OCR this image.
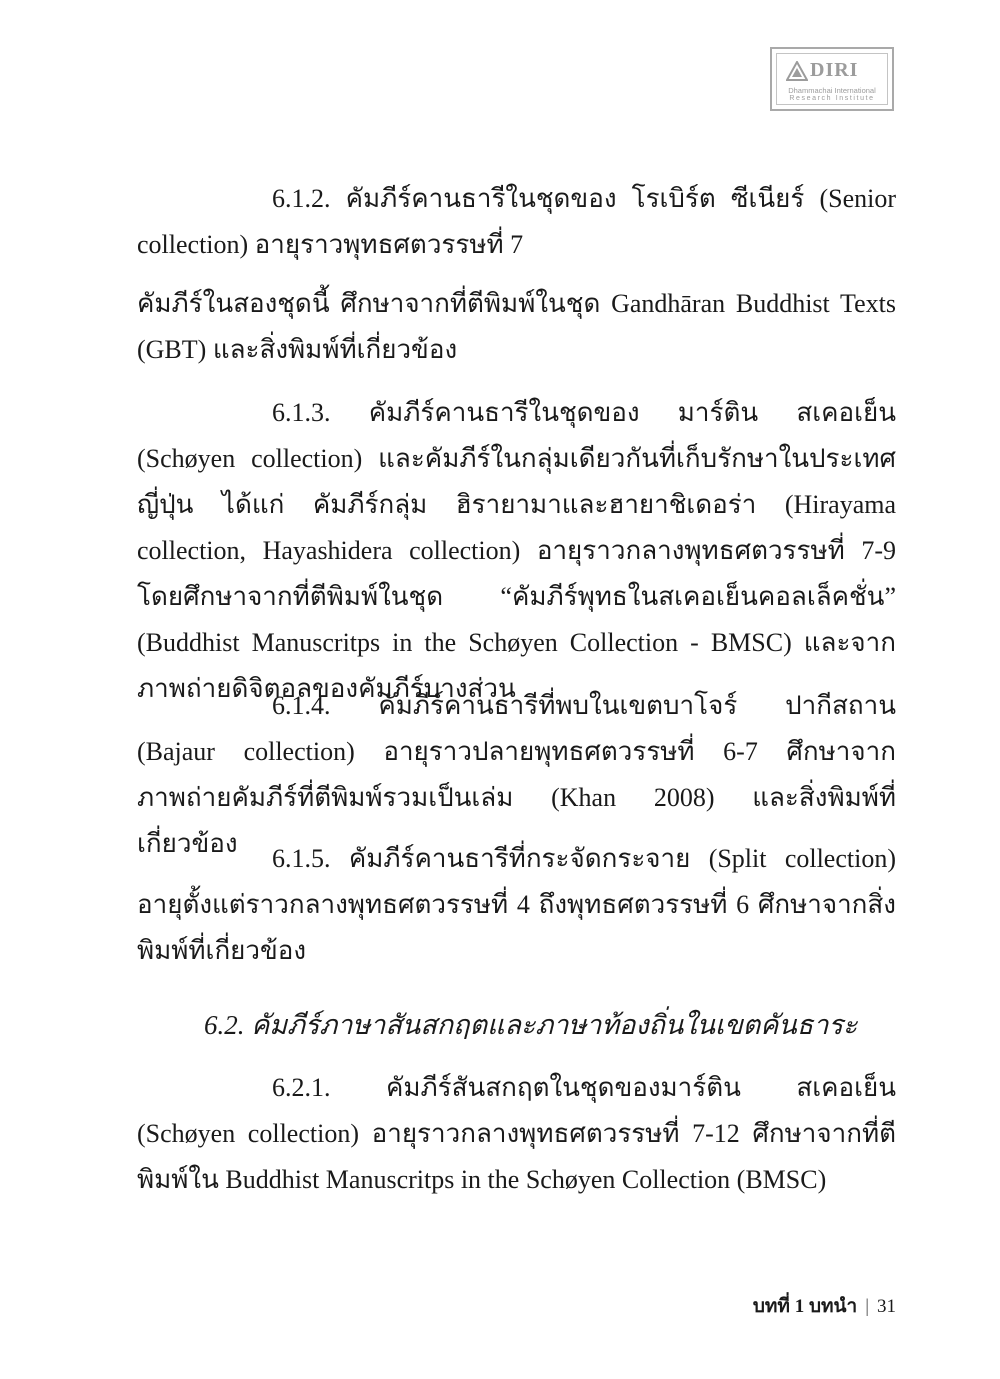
DIRI
Dhammachai International
Research Institute

6.1.2. คัมภีร์คานธารีในชุดของ โรเบิร์ต ซีเนียร์ (Senior collection) อายุราวพุทธศตวรรษที่ 7

คัมภีร์ในสองชุดนี้ ศึกษาจากที่ตีพิมพ์ในชุด Gandhāran Buddhist Texts (GBT) และสิ่งพิมพ์ที่เกี่ยวข้อง

6.1.3. คัมภีร์คานธารีในชุดของ มาร์ติน สเคอเย็น (Schøyen collection) และคัมภีร์ในกลุ่มเดียวกันที่เก็บรักษาในประเทศญี่ปุ่น ได้แก่ คัมภีร์กลุ่ม ฮิรายามาและฮายาชิเดอร่า (Hirayama collection, Hayashidera collection) อายุราวกลางพุทธศตวรรษที่ 7-9 โดยศึกษาจากที่ตีพิมพ์ในชุด “คัมภีร์พุทธในสเคอเย็นคอลเล็คชั่น” (Buddhist Manuscritps in the Schøyen Collection - BMSC) และจากภาพถ่ายดิจิตอลของคัมภีร์บางส่วน

6.1.4. คัมภีร์คานธารีที่พบในเขตบาโจร์ ปากีสถาน (Bajaur collection) อายุราวปลายพุทธศตวรรษที่ 6-7 ศึกษาจากภาพถ่ายคัมภีร์ที่ตีพิมพ์รวมเป็นเล่ม (Khan 2008) และสิ่งพิมพ์ที่เกี่ยวข้อง

6.1.5. คัมภีร์คานธารีที่กระจัดกระจาย (Split collection) อายุตั้งแต่ราวกลางพุทธศตวรรษที่ 4 ถึงพุทธศตวรรษที่ 6 ศึกษาจากสิ่งพิมพ์ที่เกี่ยวข้อง

6.2. คัมภีร์ภาษาสันสกฤตและภาษาท้องถิ่นในเขตคันธาระ

6.2.1. คัมภีร์สันสกฤตในชุดของมาร์ติน สเคอเย็น (Schøyen collection) อายุราวกลางพุทธศตวรรษที่ 7-12 ศึกษาจากที่ตีพิมพ์ใน Buddhist Manuscritps in the Schøyen Collection (BMSC)

บทที่ 1 บทนำ | 31
